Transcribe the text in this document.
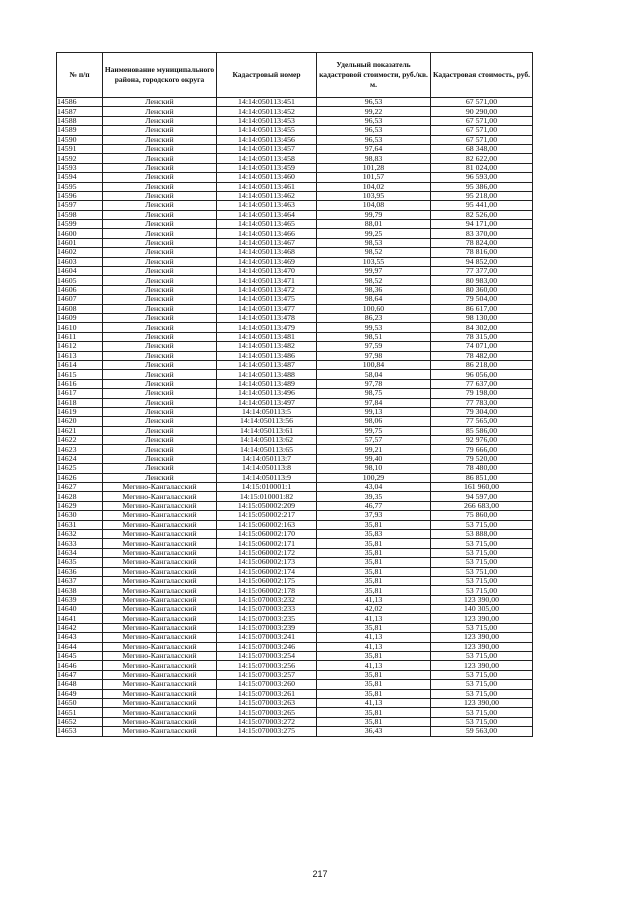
№ п/п	Наименование муниципального района, городского округа	Кадастровый номер	Удельный показатель кадастровой стоимости, руб./кв. м.	Кадастровая стоимость, руб.
14586	Ленский	14:14:050113:451	96,53	67 571,00
14587	Ленский	14:14:050113:452	99,22	90 290,00
14588	Ленский	14:14:050113:453	96,53	67 571,00
14589	Ленский	14:14:050113:455	96,53	67 571,00
14590	Ленский	14:14:050113:456	96,53	67 571,00
14591	Ленский	14:14:050113:457	97,64	68 348,00
14592	Ленский	14:14:050113:458	98,83	82 622,00
14593	Ленский	14:14:050113:459	101,28	81 024,00
14594	Ленский	14:14:050113:460	101,57	96 593,00
14595	Ленский	14:14:050113:461	104,02	95 386,00
14596	Ленский	14:14:050113:462	103,95	95 218,00
14597	Ленский	14:14:050113:463	104,08	95 441,00
14598	Ленский	14:14:050113:464	99,79	82 526,00
14599	Ленский	14:14:050113:465	88,01	94 171,00
14600	Ленский	14:14:050113:466	99,25	83 370,00
14601	Ленский	14:14:050113:467	98,53	78 824,00
14602	Ленский	14:14:050113:468	98,52	78 816,00
14603	Ленский	14:14:050113:469	103,55	94 852,00
14604	Ленский	14:14:050113:470	99,97	77 377,00
14605	Ленский	14:14:050113:471	98,52	80 983,00
14606	Ленский	14:14:050113:472	98,36	80 360,00
14607	Ленский	14:14:050113:475	98,64	79 504,00
14608	Ленский	14:14:050113:477	100,60	86 617,00
14609	Ленский	14:14:050113:478	86,23	98 130,00
14610	Ленский	14:14:050113:479	99,53	84 302,00
14611	Ленский	14:14:050113:481	98,51	78 315,00
14612	Ленский	14:14:050113:482	97,59	74 071,00
14613	Ленский	14:14:050113:486	97,98	78 482,00
14614	Ленский	14:14:050113:487	100,84	86 218,00
14615	Ленский	14:14:050113:488	58,04	96 056,00
14616	Ленский	14:14:050113:489	97,78	77 637,00
14617	Ленский	14:14:050113:496	98,75	79 198,00
14618	Ленский	14:14:050113:497	97,84	77 783,00
14619	Ленский	14:14:050113:5	99,13	79 304,00
14620	Ленский	14:14:050113:56	98,06	77 565,00
14621	Ленский	14:14:050113:61	99,75	85 586,00
14622	Ленский	14:14:050113:62	57,57	92 976,00
14623	Ленский	14:14:050113:65	99,21	79 666,00
14624	Ленский	14:14:050113:7	99,40	79 520,00
14625	Ленский	14:14:050113:8	98,10	78 480,00
14626	Ленский	14:14:050113:9	100,29	86 851,00
14627	Мегино-Кангаласский	14:15:010001:1	43,04	161 960,00
14628	Мегино-Кангаласский	14:15:010001:82	39,35	94 597,00
14629	Мегино-Кангаласский	14:15:050002:209	46,77	266 683,00
14630	Мегино-Кангаласский	14:15:050002:217	37,93	75 860,00
14631	Мегино-Кангаласский	14:15:060002:163	35,81	53 715,00
14632	Мегино-Кангаласский	14:15:060002:170	35,83	53 888,00
14633	Мегино-Кангаласский	14:15:060002:171	35,81	53 715,00
14634	Мегино-Кангаласский	14:15:060002:172	35,81	53 715,00
14635	Мегино-Кангаласский	14:15:060002:173	35,81	53 715,00
14636	Мегино-Кангаласский	14:15:060002:174	35,81	53 751,00
14637	Мегино-Кангаласский	14:15:060002:175	35,81	53 715,00
14638	Мегино-Кангаласский	14:15:060002:178	35,81	53 715,00
14639	Мегино-Кангаласский	14:15:070003:232	41,13	123 390,00
14640	Мегино-Кангаласский	14:15:070003:233	42,02	140 305,00
14641	Мегино-Кангаласский	14:15:070003:235	41,13	123 390,00
14642	Мегино-Кангаласский	14:15:070003:239	35,81	53 715,00
14643	Мегино-Кангаласский	14:15:070003:241	41,13	123 390,00
14644	Мегино-Кангаласский	14:15:070003:246	41,13	123 390,00
14645	Мегино-Кангаласский	14:15:070003:254	35,81	53 715,00
14646	Мегино-Кангаласский	14:15:070003:256	41,13	123 390,00
14647	Мегино-Кангаласский	14:15:070003:257	35,81	53 715,00
14648	Мегино-Кангаласский	14:15:070003:260	35,81	53 715,00
14649	Мегино-Кангаласский	14:15:070003:261	35,81	53 715,00
14650	Мегино-Кангаласский	14:15:070003:263	41,13	123 390,00
14651	Мегино-Кангаласский	14:15:070003:265	35,81	53 715,00
14652	Мегино-Кангаласский	14:15:070003:272	35,81	53 715,00
14653	Мегино-Кангаласский	14:15:070003:275	36,43	59 563,00
217
